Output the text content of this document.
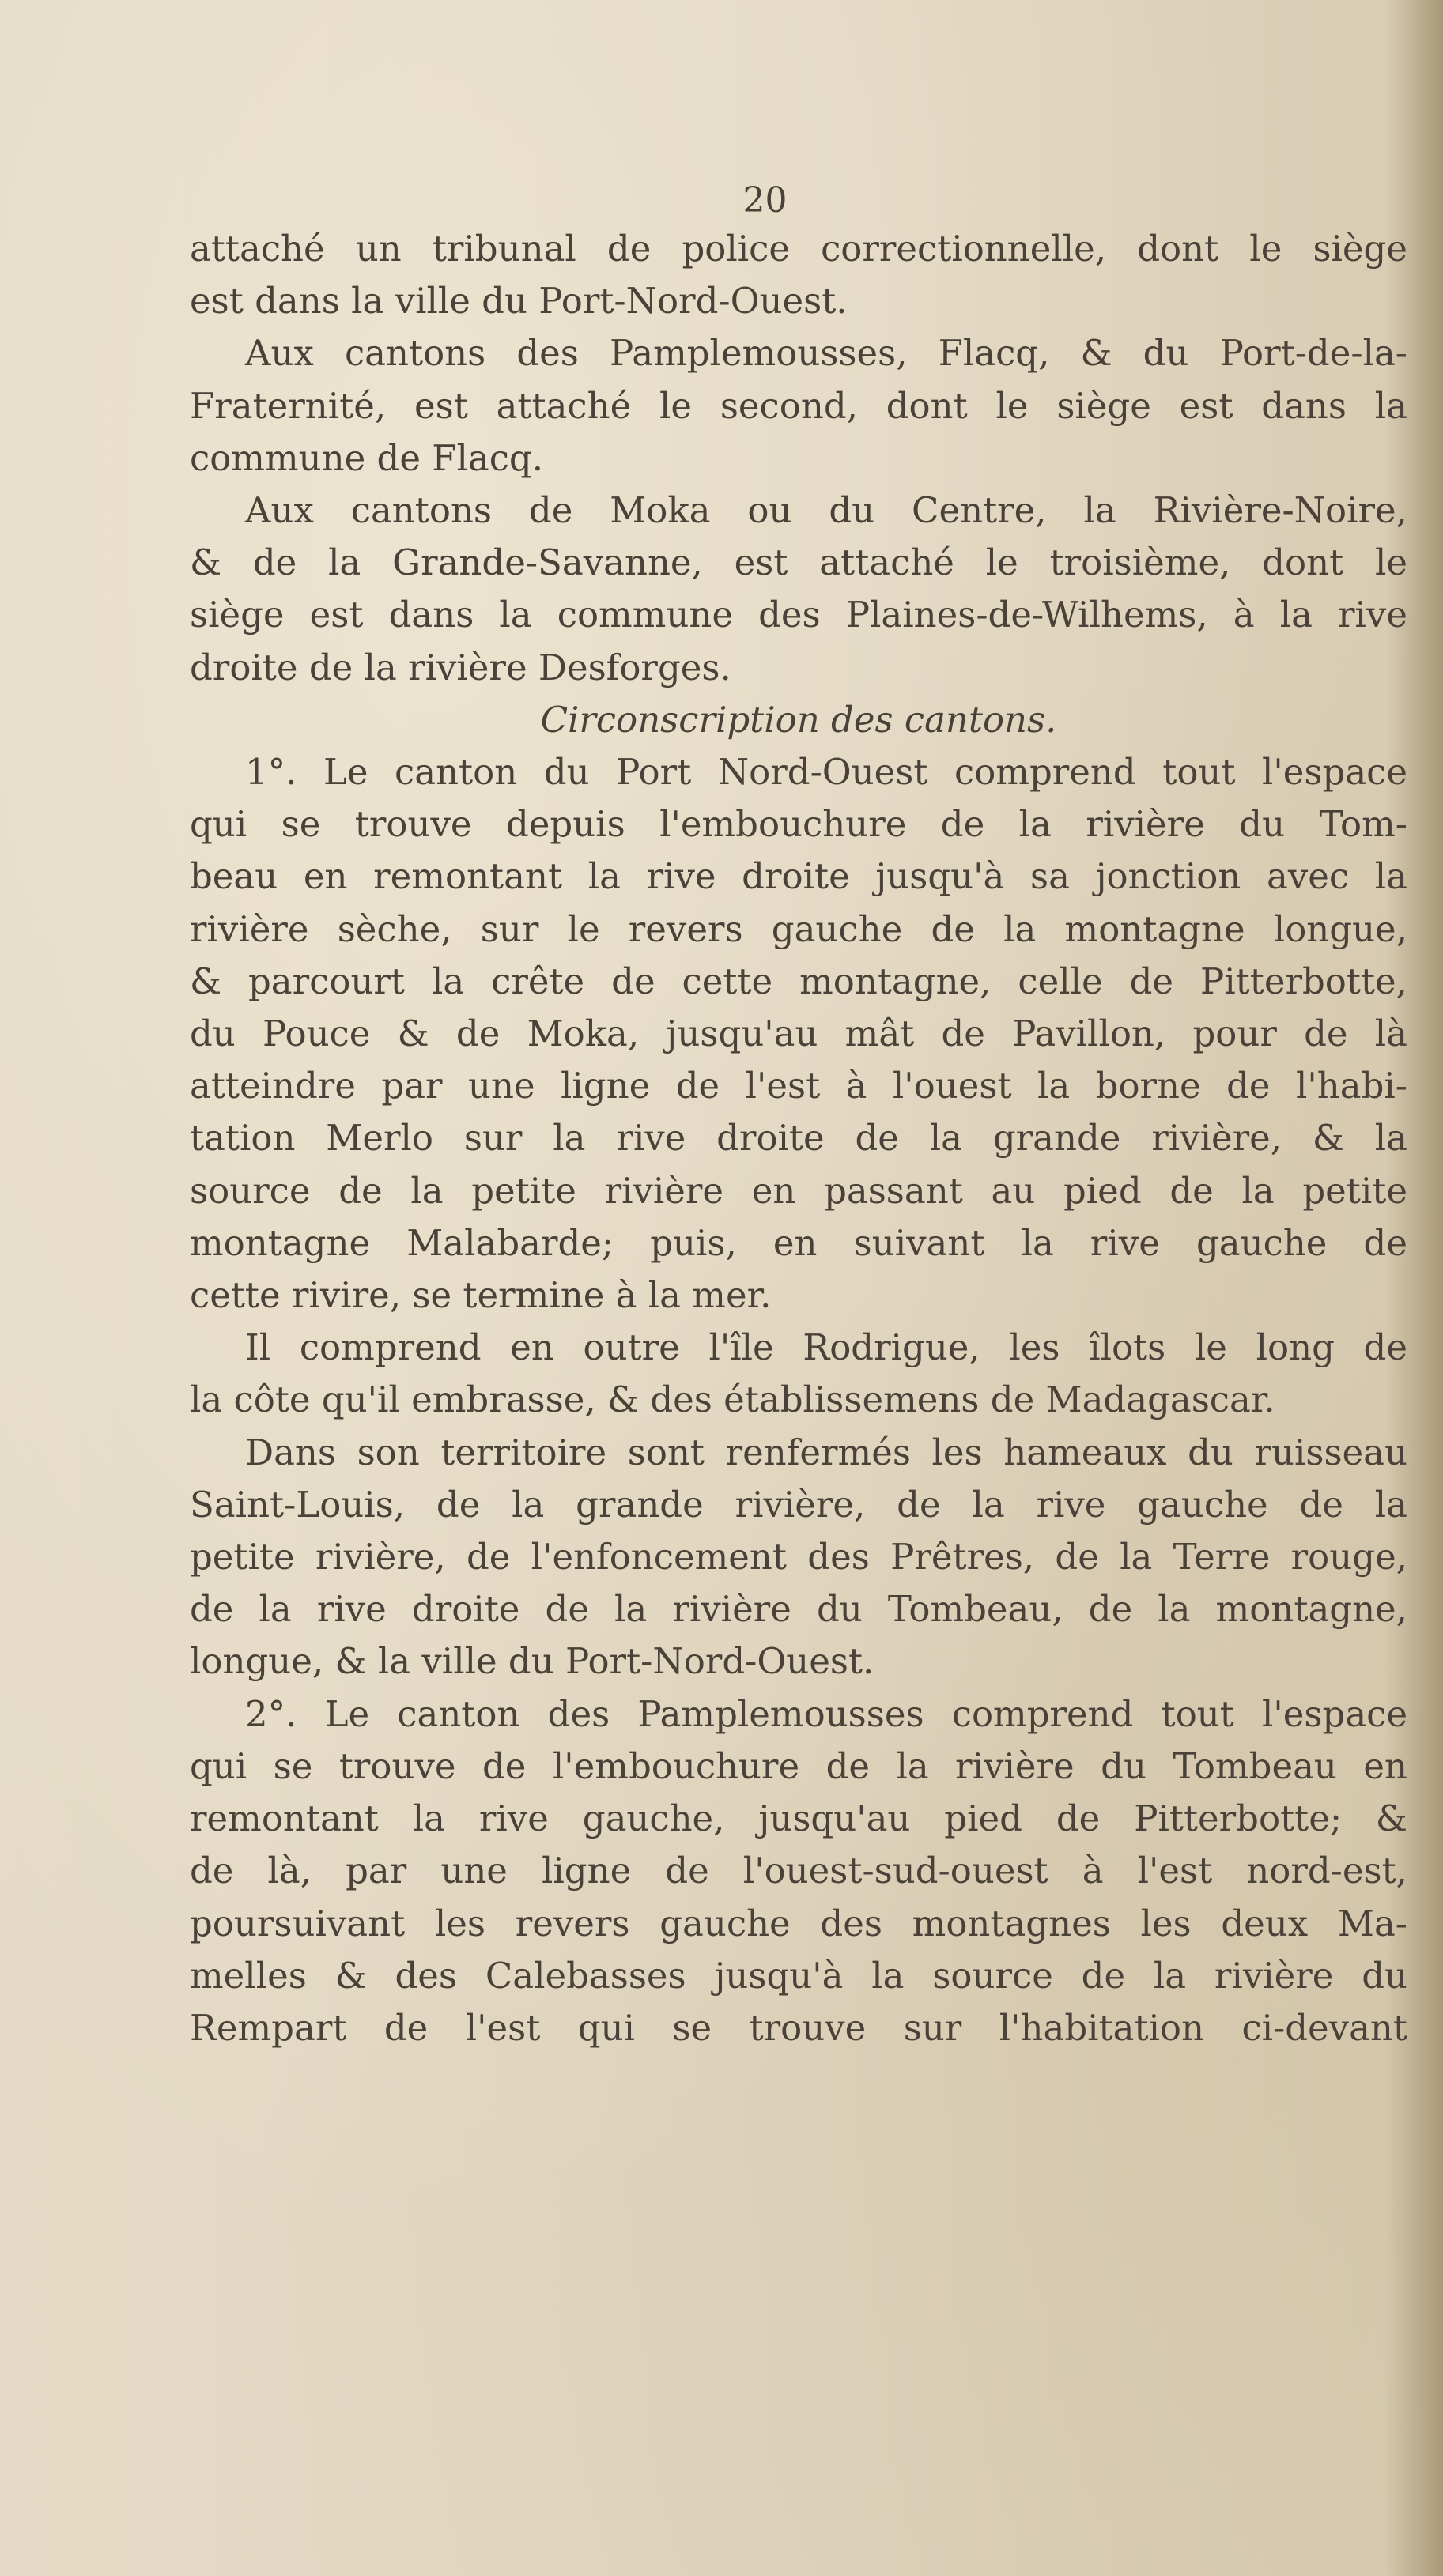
20
attaché un tribunal de police correctionnelle, dont le siège
est dans la ville du Port-Nord-Ouest.
Aux cantons des Pamplemousses, Flacq, & du Port-de-la-
Fraternité, est attaché le second, dont le siège est dans la
commune de Flacq.
Aux cantons de Moka ou du Centre, la Rivière-Noire,
& de la Grande-Savanne, est attaché le troisième, dont le
siège est dans la commune des Plaines-de-Wilhems, à la rive
droite de la rivière Desforges.
Circonscription des cantons.
1°. Le canton du Port Nord-Ouest comprend tout l'espace
qui se trouve depuis l'embouchure de la rivière du Tom-
beau en remontant la rive droite jusqu'à sa jonction avec la
rivière sèche, sur le revers gauche de la montagne longue,
& parcourt la crête de cette montagne, celle de Pitterbotte,
du Pouce & de Moka, jusqu'au mât de Pavillon, pour de là
atteindre par une ligne de l'est à l'ouest la borne de l'habi-
tation Merlo sur la rive droite de la grande rivière, & la
source de la petite rivière en passant au pied de la petite
montagne Malabarde; puis, en suivant la rive gauche de
cette rivire, se termine à la mer.
Il comprend en outre l'île Rodrigue, les îlots le long de
la côte qu'il embrasse, & des établissemens de Madagascar.
Dans son territoire sont renfermés les hameaux du ruisseau
Saint-Louis, de la grande rivière, de la rive gauche de la
petite rivière, de l'enfoncement des Prêtres, de la Terre rouge,
de la rive droite de la rivière du Tombeau, de la montagne,
longue, & la ville du Port-Nord-Ouest.
2°. Le canton des Pamplemousses comprend tout l'espace
qui se trouve de l'embouchure de la rivière du Tombeau en
remontant la rive gauche, jusqu'au pied de Pitterbotte; &
de là, par une ligne de l'ouest-sud-ouest à l'est nord-est,
poursuivant les revers gauche des montagnes les deux Ma-
melles & des Calebasses jusqu'à la source de la rivière du
Rempart de l'est qui se trouve sur l'habitation ci-devant
